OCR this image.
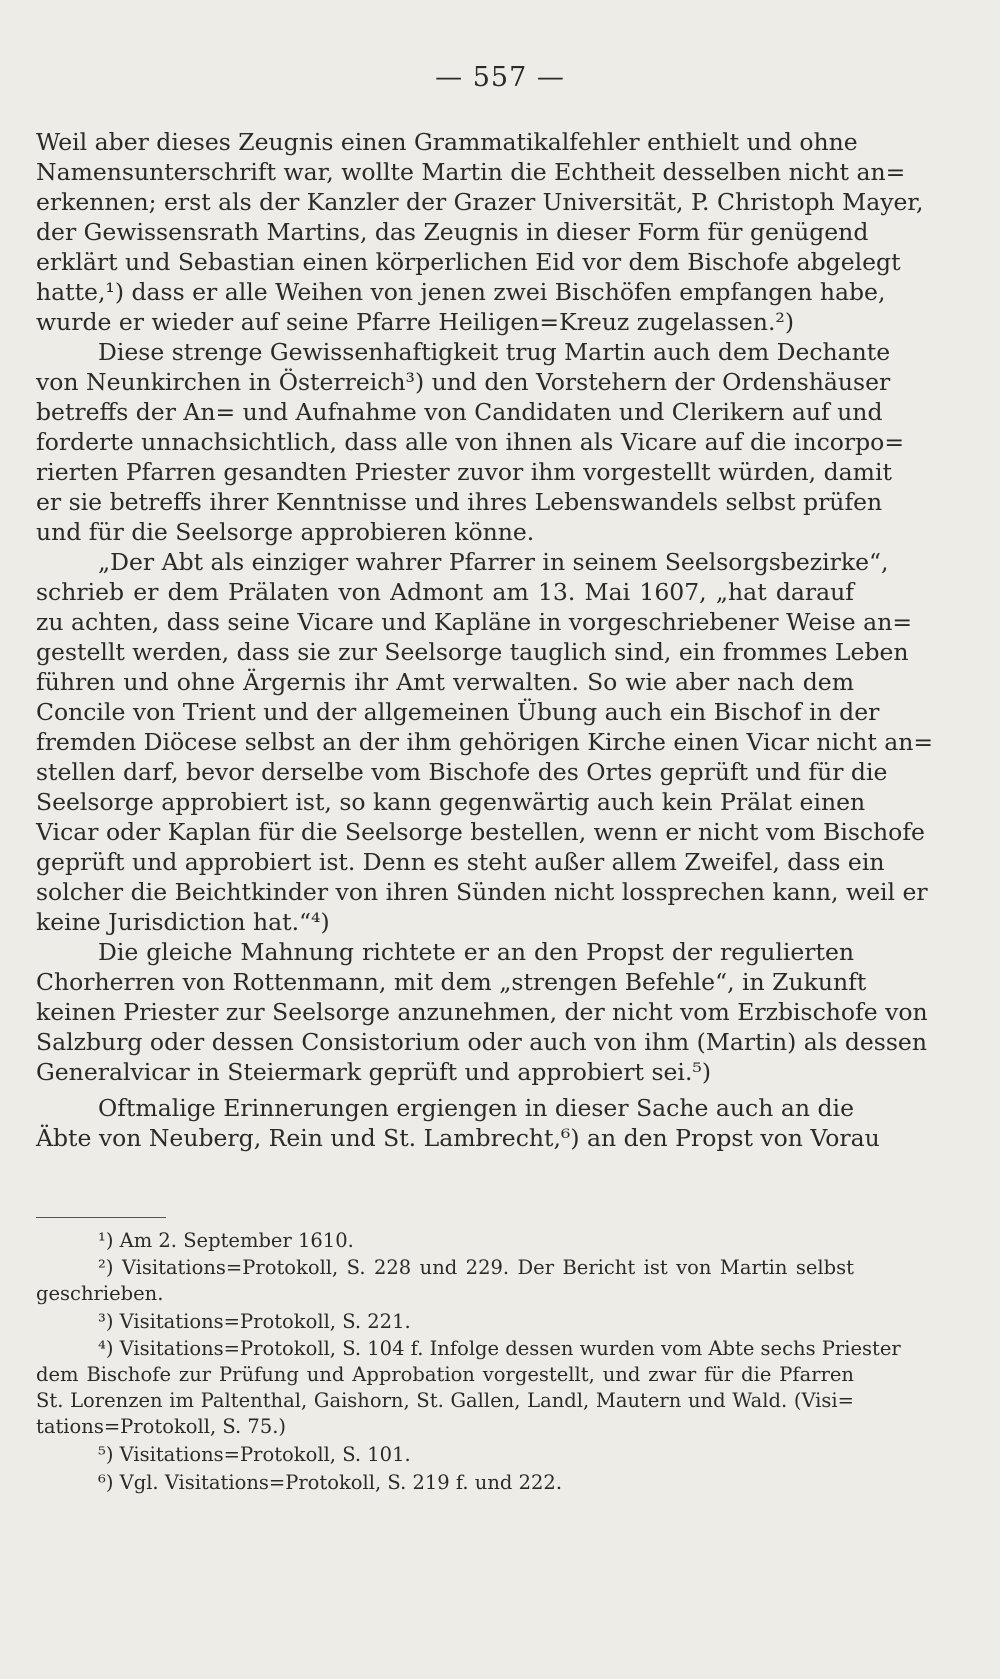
— 557 —
Weil aber dieses Zeugnis einen Grammatikalfehler enthielt und ohne
Namensunterschrift war, wollte Martin die Echtheit desselben nicht an=
erkennen; erst als der Kanzler der Grazer Universität, P. Christoph Mayer,
der Gewissensrath Martins, das Zeugnis in dieser Form für genügend
erklärt und Sebastian einen körperlichen Eid vor dem Bischofe abgelegt
hatte,¹) dass er alle Weihen von jenen zwei Bischöfen empfangen habe,
wurde er wieder auf seine Pfarre Heiligen=Kreuz zugelassen.²)
Diese strenge Gewissenhaftigkeit trug Martin auch dem Dechante
von Neunkirchen in Österreich³) und den Vorstehern der Ordenshäuser
betreffs der An= und Aufnahme von Candidaten und Clerikern auf und
forderte unnachsichtlich, dass alle von ihnen als Vicare auf die incorpo=
rierten Pfarren gesandten Priester zuvor ihm vorgestellt würden, damit
er sie betreffs ihrer Kenntnisse und ihres Lebenswandels selbst prüfen
und für die Seelsorge approbieren könne.
„Der Abt als einziger wahrer Pfarrer in seinem Seelsorgsbezirke“,
schrieb er dem Prälaten von Admont am 13. Mai 1607, „hat darauf
zu achten, dass seine Vicare und Kapläne in vorgeschriebener Weise an=
gestellt werden, dass sie zur Seelsorge tauglich sind, ein frommes Leben
führen und ohne Ärgernis ihr Amt verwalten. So wie aber nach dem
Concile von Trient und der allgemeinen Übung auch ein Bischof in der
fremden Diöcese selbst an der ihm gehörigen Kirche einen Vicar nicht an=
stellen darf, bevor derselbe vom Bischofe des Ortes geprüft und für die
Seelsorge approbiert ist, so kann gegenwärtig auch kein Prälat einen
Vicar oder Kaplan für die Seelsorge bestellen, wenn er nicht vom Bischofe
geprüft und approbiert ist. Denn es steht außer allem Zweifel, dass ein
solcher die Beichtkinder von ihren Sünden nicht lossprechen kann, weil er
keine Jurisdiction hat.“⁴)
Die gleiche Mahnung richtete er an den Propst der regulierten
Chorherren von Rottenmann, mit dem „strengen Befehle“, in Zukunft
keinen Priester zur Seelsorge anzunehmen, der nicht vom Erzbischofe von
Salzburg oder dessen Consistorium oder auch von ihm (Martin) als dessen
Generalvicar in Steiermark geprüft und approbiert sei.⁵)
Oftmalige Erinnerungen ergiengen in dieser Sache auch an die
Äbte von Neuberg, Rein und St. Lambrecht,⁶) an den Propst von Vorau
¹) Am 2. September 1610.
²) Visitations=Protokoll, S. 228 und 229. Der Bericht ist von Martin selbst
geschrieben.
³) Visitations=Protokoll, S. 221.
⁴) Visitations=Protokoll, S. 104 f. Infolge dessen wurden vom Abte sechs Priester
dem Bischofe zur Prüfung und Approbation vorgestellt, und zwar für die Pfarren
St. Lorenzen im Paltenthal, Gaishorn, St. Gallen, Landl, Mautern und Wald. (Visi=
tations=Protokoll, S. 75.)
⁵) Visitations=Protokoll, S. 101.
⁶) Vgl. Visitations=Protokoll, S. 219 f. und 222.
